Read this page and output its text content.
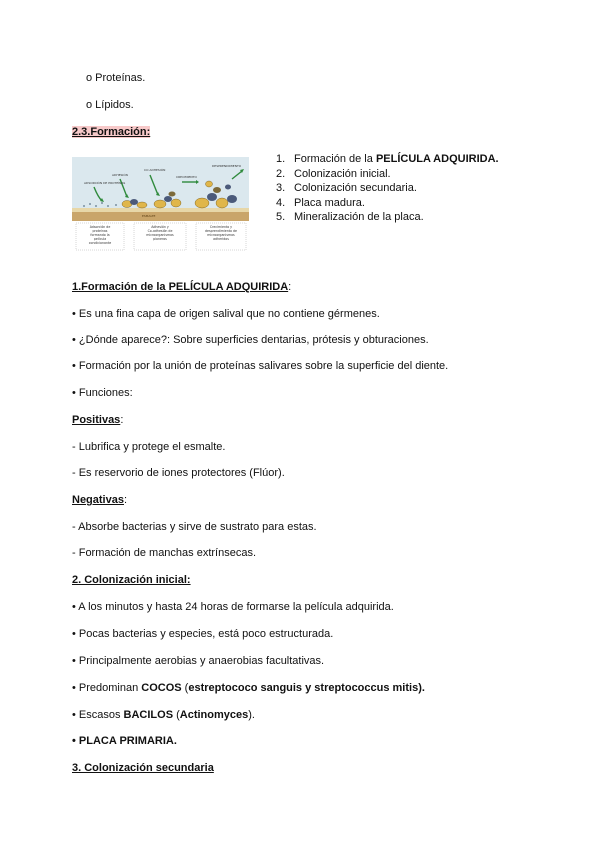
o Proteínas.
o Lípidos.
2.3.Formación:
ESMALTE
ADSORCIÓN DE PROTEÍNAS
ADHESIÓN
CO ADHESIÓN
CRECIMIENTO
DESPRENDIMIENTO
Adsorción de
proteínas
formando la
película
condicionante
Adhesión y
Co-adhesión de
microorganismos
pioneros
Crecimiento y
desprendimiento de
microorganismos
adheridos
1. Formación de la PELÍCULA ADQUIRIDA.
2. Colonización inicial.
3. Colonización secundaria.
4. Placa madura.
5. Mineralización de la placa.
1.Formación de la PELÍCULA ADQUIRIDA:
• Es una fina capa de origen salival que no contiene gérmenes.
• ¿Dónde aparece?: Sobre superficies dentarias, prótesis y obturaciones.
• Formación por la unión de proteínas salivares sobre la superficie del diente.
• Funciones:
Positivas:
- Lubrifica y protege el esmalte.
- Es reservorio de iones protectores (Flúor).
Negativas:
- Absorbe bacterias y sirve de sustrato para estas.
- Formación de manchas extrínsecas.
2. Colonización inicial:
• A los minutos y hasta 24 horas de formarse la película adquirida.
• Pocas bacterias y especies, está poco estructurada.
• Principalmente aerobias y anaerobias facultativas.
• Predominan COCOS (estreptococo sanguis y streptococcus mitis).
• Escasos BACILOS (Actinomyces).
• PLACA PRIMARIA.
3. Colonización secundaria
